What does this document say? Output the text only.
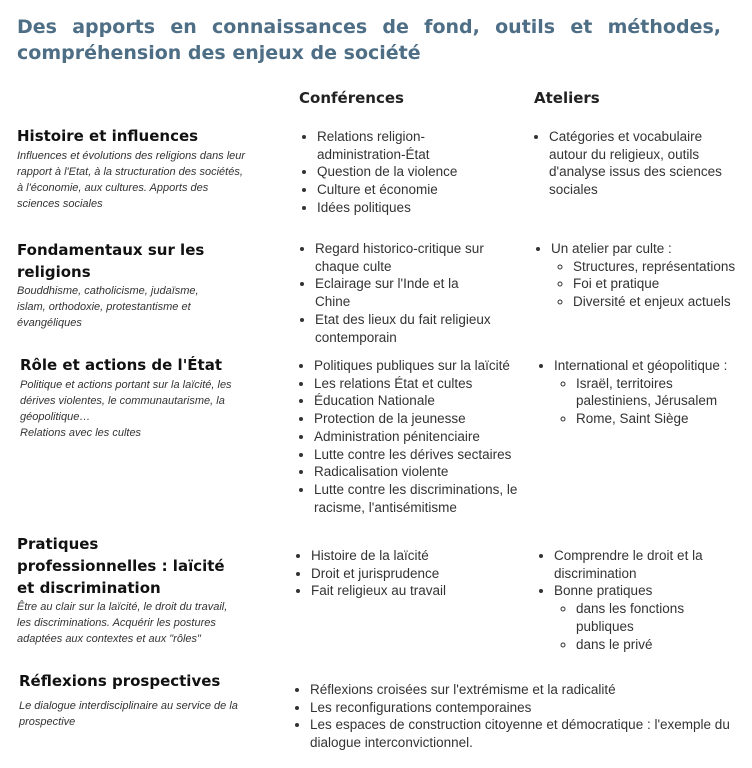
Des apports en connaissances de fond, outils et méthodes, compréhension des enjeux de société
Conférences	Ateliers
Histoire et influences

Influences et évolutions des religions dans leur rapport à l'Etat, à la structuration des sociétés, à l'économie, aux cultures. Apports des sciences sociales

• Relations religion-administration-État
• Question de la violence
• Culture et économie
• Idées politiques
• Catégories et vocabulaire autour du religieux, outils d'analyse issus des sciences sociales
Fondamentaux sur les religions

Bouddhisme, catholicisme, judaïsme, islam, orthodoxie, protestantisme et évangéliques

• Regard historico-critique sur chaque culte
• Eclairage sur l'Inde et la Chine
• Etat des lieux du fait religieux contemporain
• Un atelier par culte :
◦ Structures, représentations
◦ Foi et pratique
◦ Diversité et enjeux actuels
Rôle et actions de l'État

Politique et actions portant sur la laïcité, les dérives violentes, le communautarisme, la géopolitique…

Relations avec les cultes

• Politiques publiques sur la laïcité
• Les relations État et cultes
• Éducation Nationale
• Protection de la jeunesse
• Administration pénitenciaire
• Lutte contre les dérives sectaires
• Radicalisation violente
• Lutte contre les discriminations, le racisme, l'antisémitisme
• International et géopolitique :
◦ Israël, territoires palestiniens, Jérusalem
◦ Rome, Saint Siège
Pratiques professionnelles : laïcité et discrimination

Être au clair sur la laïcité, le droit du travail, les discriminations. Acquérir les postures adaptées aux contextes et aux "rôles"

• Histoire de la laïcité
• Droit et jurisprudence
• Fait religieux au travail
• Comprendre le droit et la discrimination
• Bonne pratiques
◦ dans les fonctions publiques
◦ dans le privé
Réflexions prospectives

Le dialogue interdisciplinaire au service de la prospective

• Réflexions croisées sur l'extrémisme et la radicalité
• Les reconfigurations contemporaines
• Les espaces de construction citoyenne et démocratique : l'exemple du dialogue interconvictionnel.
